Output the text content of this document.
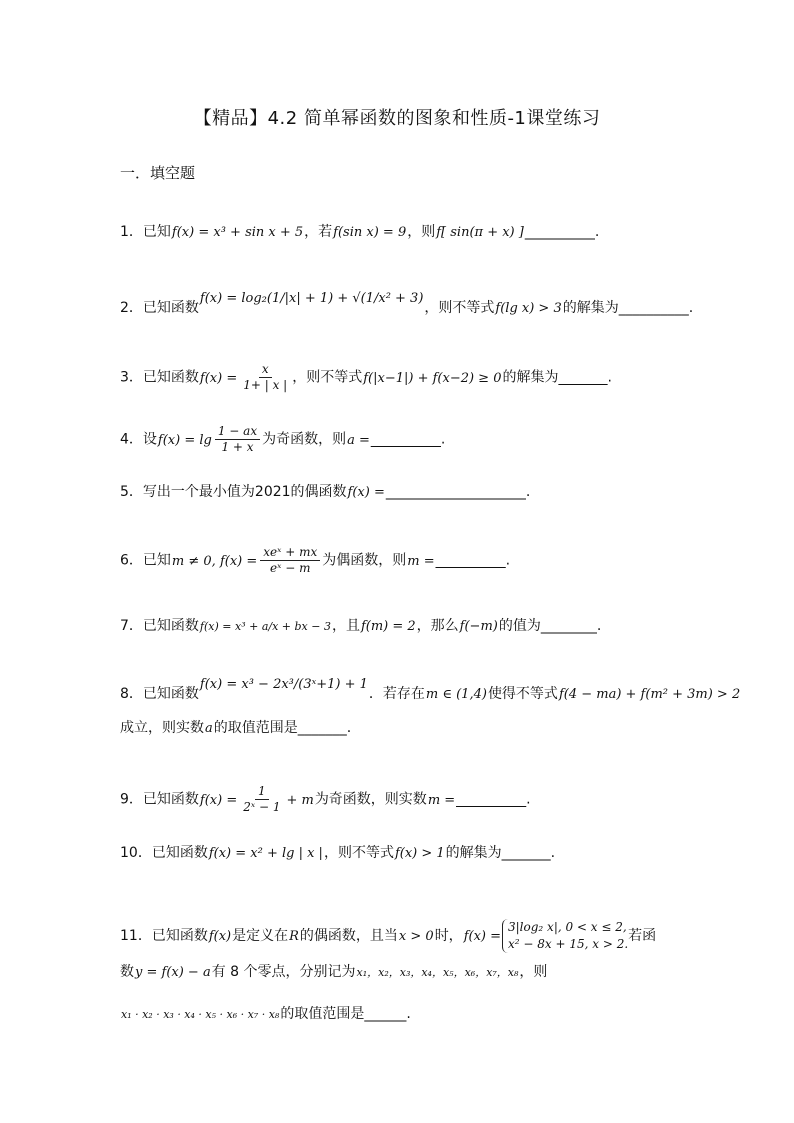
【精品】4.2 简单幂函数的图象和性质-1课堂练习
一．填空题
1．已知f(x) = x³ + sin x + 5，若f(sin x) = 9，则f[ sin(π + x) ]__________.
2．已知函数f(x) = log₂(1/|x| + 1) + √(1/x² + 3)，则不等式f(lg x) > 3的解集为__________.
3．已知函数$f(x) = \frac{x}{1+ | x |}$ ，则不等式f(|x−1|) + f(x−2) ≥ 0的解集为_______.
4．设$f(x) = \lg \frac{1 - ax}{1 + x}$ 为奇函数，则a =__________.
5．写出一个最小值为2021的偶函数f(x) =____________________.
6．已知m ≠ 0, $f(x) = \frac{\text{xeˣ + mx}}{\text{eˣ − m}}$ 为偶函数，则m =__________.
7．已知函数f(x) = x³ + a/x + bx − 3，且f(m) = 2，那么f(−m)的值为________.
8．已知函数f(x) = x³ − 2x³/(3ˣ+1) + 1．若存在m ∈ (1,4)使得不等式f(4 − ma) + f(m² + 3m) > 2
成立，则实数a的取值范围是_______.
9．已知函数$f(x) = \frac{1}{\text{2ˣ − 1}} + m$为奇函数，则实数m =__________.
10．已知函数f(x) = x² + lg | x |，则不等式f(x) > 1的解集为_______.
11．已知函数f(x)是定义在R的偶函数，且当x > 0时，f(x) =
3|log₂ x|, 0 < x ≤ 2,
x² − 8x + 15, x > 2. 若函
数y = f(x) − a有 8 个零点，分别记为x₁，x₂，x₃，x₄，x₅，x₆，x₇，x₈，则
x₁ · x₂ · x₃ · x₄ · x₅ · x₆ · x₇ · x₈的取值范围是______.
